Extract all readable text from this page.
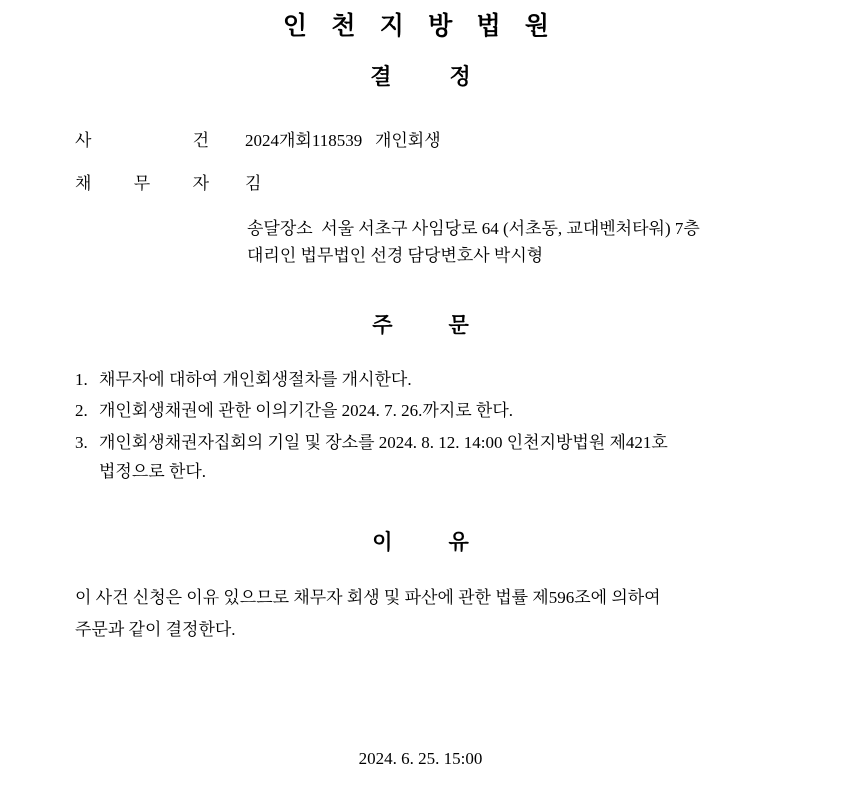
인 천 지 방 법 원
결	정
사	건 2024개회118539   개인회생
채 무 자 김
송달장소  서울 서초구 사임당로 64 (서초동, 교대벤처타워) 7층
대리인 법무법인 선경 담당변호사 박시형
주	문
1. 채무자에 대하여 개인회생절차를 개시한다.
2. 개인회생채권에 관한 이의기간을 2024. 7. 26.까지로 한다.
3. 개인회생채권자집회의 기일 및 장소를 2024. 8. 12. 14:00 인천지방법원 제421호
법정으로 한다.
이	유
이 사건 신청은 이유 있으므로 채무자 회생 및 파산에 관한 법률 제596조에 의하여
주문과 같이 결정한다.
2024. 6. 25. 15:00
